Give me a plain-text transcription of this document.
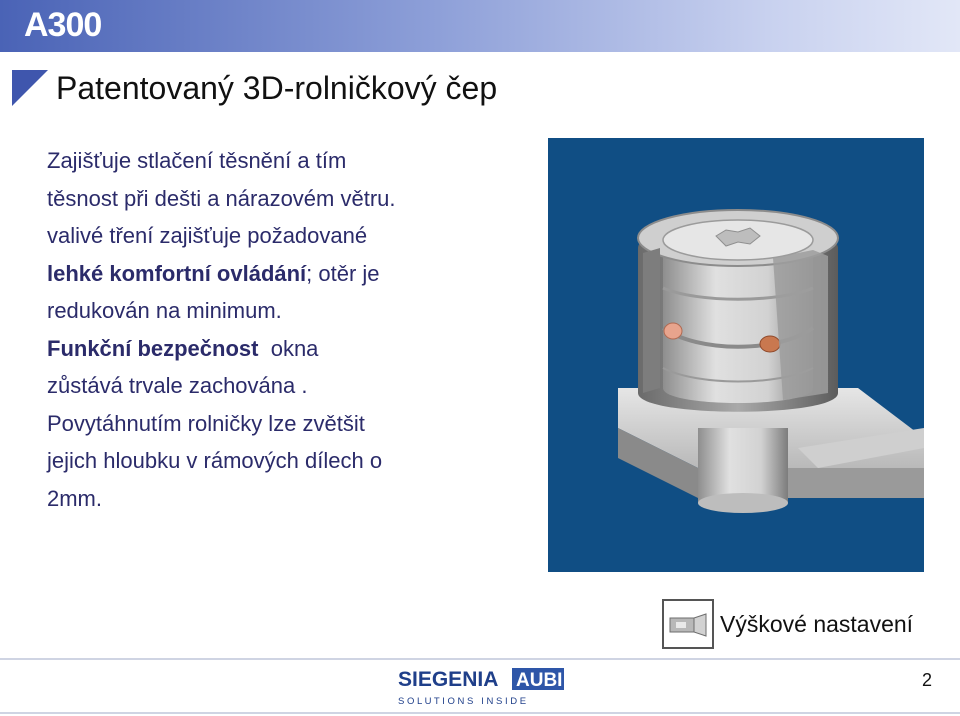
A300
Patentovaný 3D-rolničkový čep
Zajišťuje stlačení těsnění a tím
těsnost při dešti a nárazovém větru.
valivé tření zajišťuje požadované
lehké komfortní ovládání; otěr je
redukován na minimum.
Funkční bezpečnost  okna
zůstává trvale zachována .
Povytáhnutím rolničky lze zvětšit
jejich hloubku v rámových dílech o
2mm.
Výškové nastavení
SIEGENIA AUBI
S O L U T I O N S   I N S I D E
2
